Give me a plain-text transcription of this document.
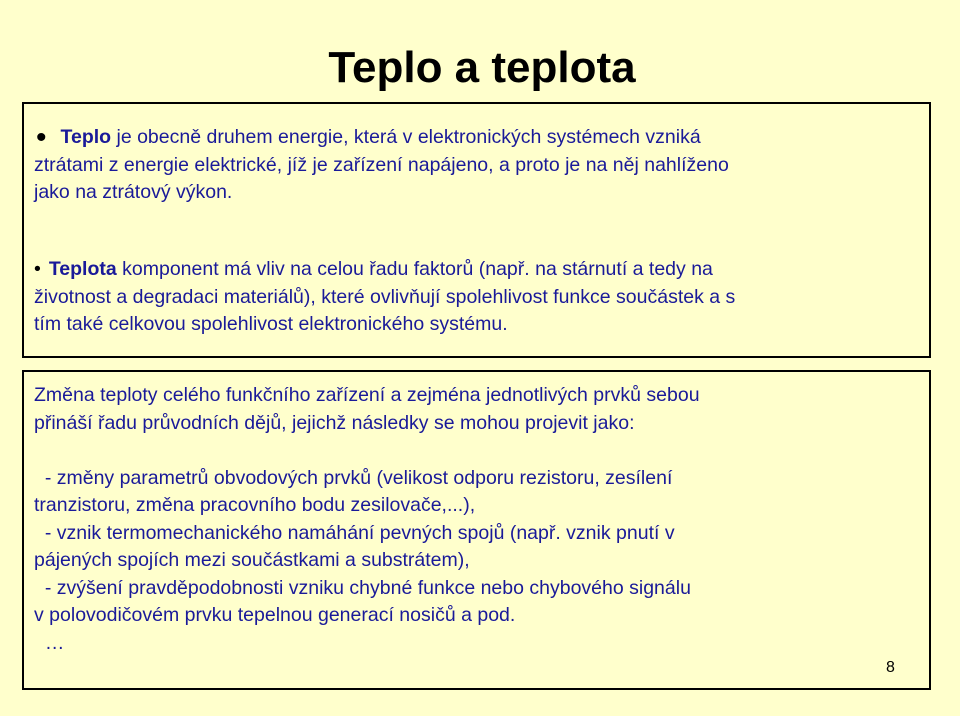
Teplo a teplota
• Teplo je obecně druhem energie, která v elektronických systémech vzniká
ztrátami z energie elektrické, jíž je zařízení napájeno, a proto je na něj nahlíženo
jako na ztrátový výkon.
• Teplota komponent má vliv na celou řadu faktorů (např. na stárnutí a tedy na
životnost a degradaci materiálů), které ovlivňují spolehlivost funkce součástek a s
tím také celkovou spolehlivost elektronického systému.
Změna teploty celého funkčního zařízení a zejména jednotlivých prvků sebou
přináší řadu průvodních dějů, jejichž následky se mohou projevit jako:
- změny parametrů obvodových prvků (velikost odporu rezistoru, zesílení
tranzistoru, změna pracovního bodu zesilovače,...),
- vznik termomechanického namáhání pevných spojů (např. vznik pnutí v
pájených spojích mezi součástkami a substrátem),
- zvýšení pravděpodobnosti vzniku chybné funkce nebo chybového signálu
v polovodičovém prvku tepelnou generací nosičů a pod.
…
8
